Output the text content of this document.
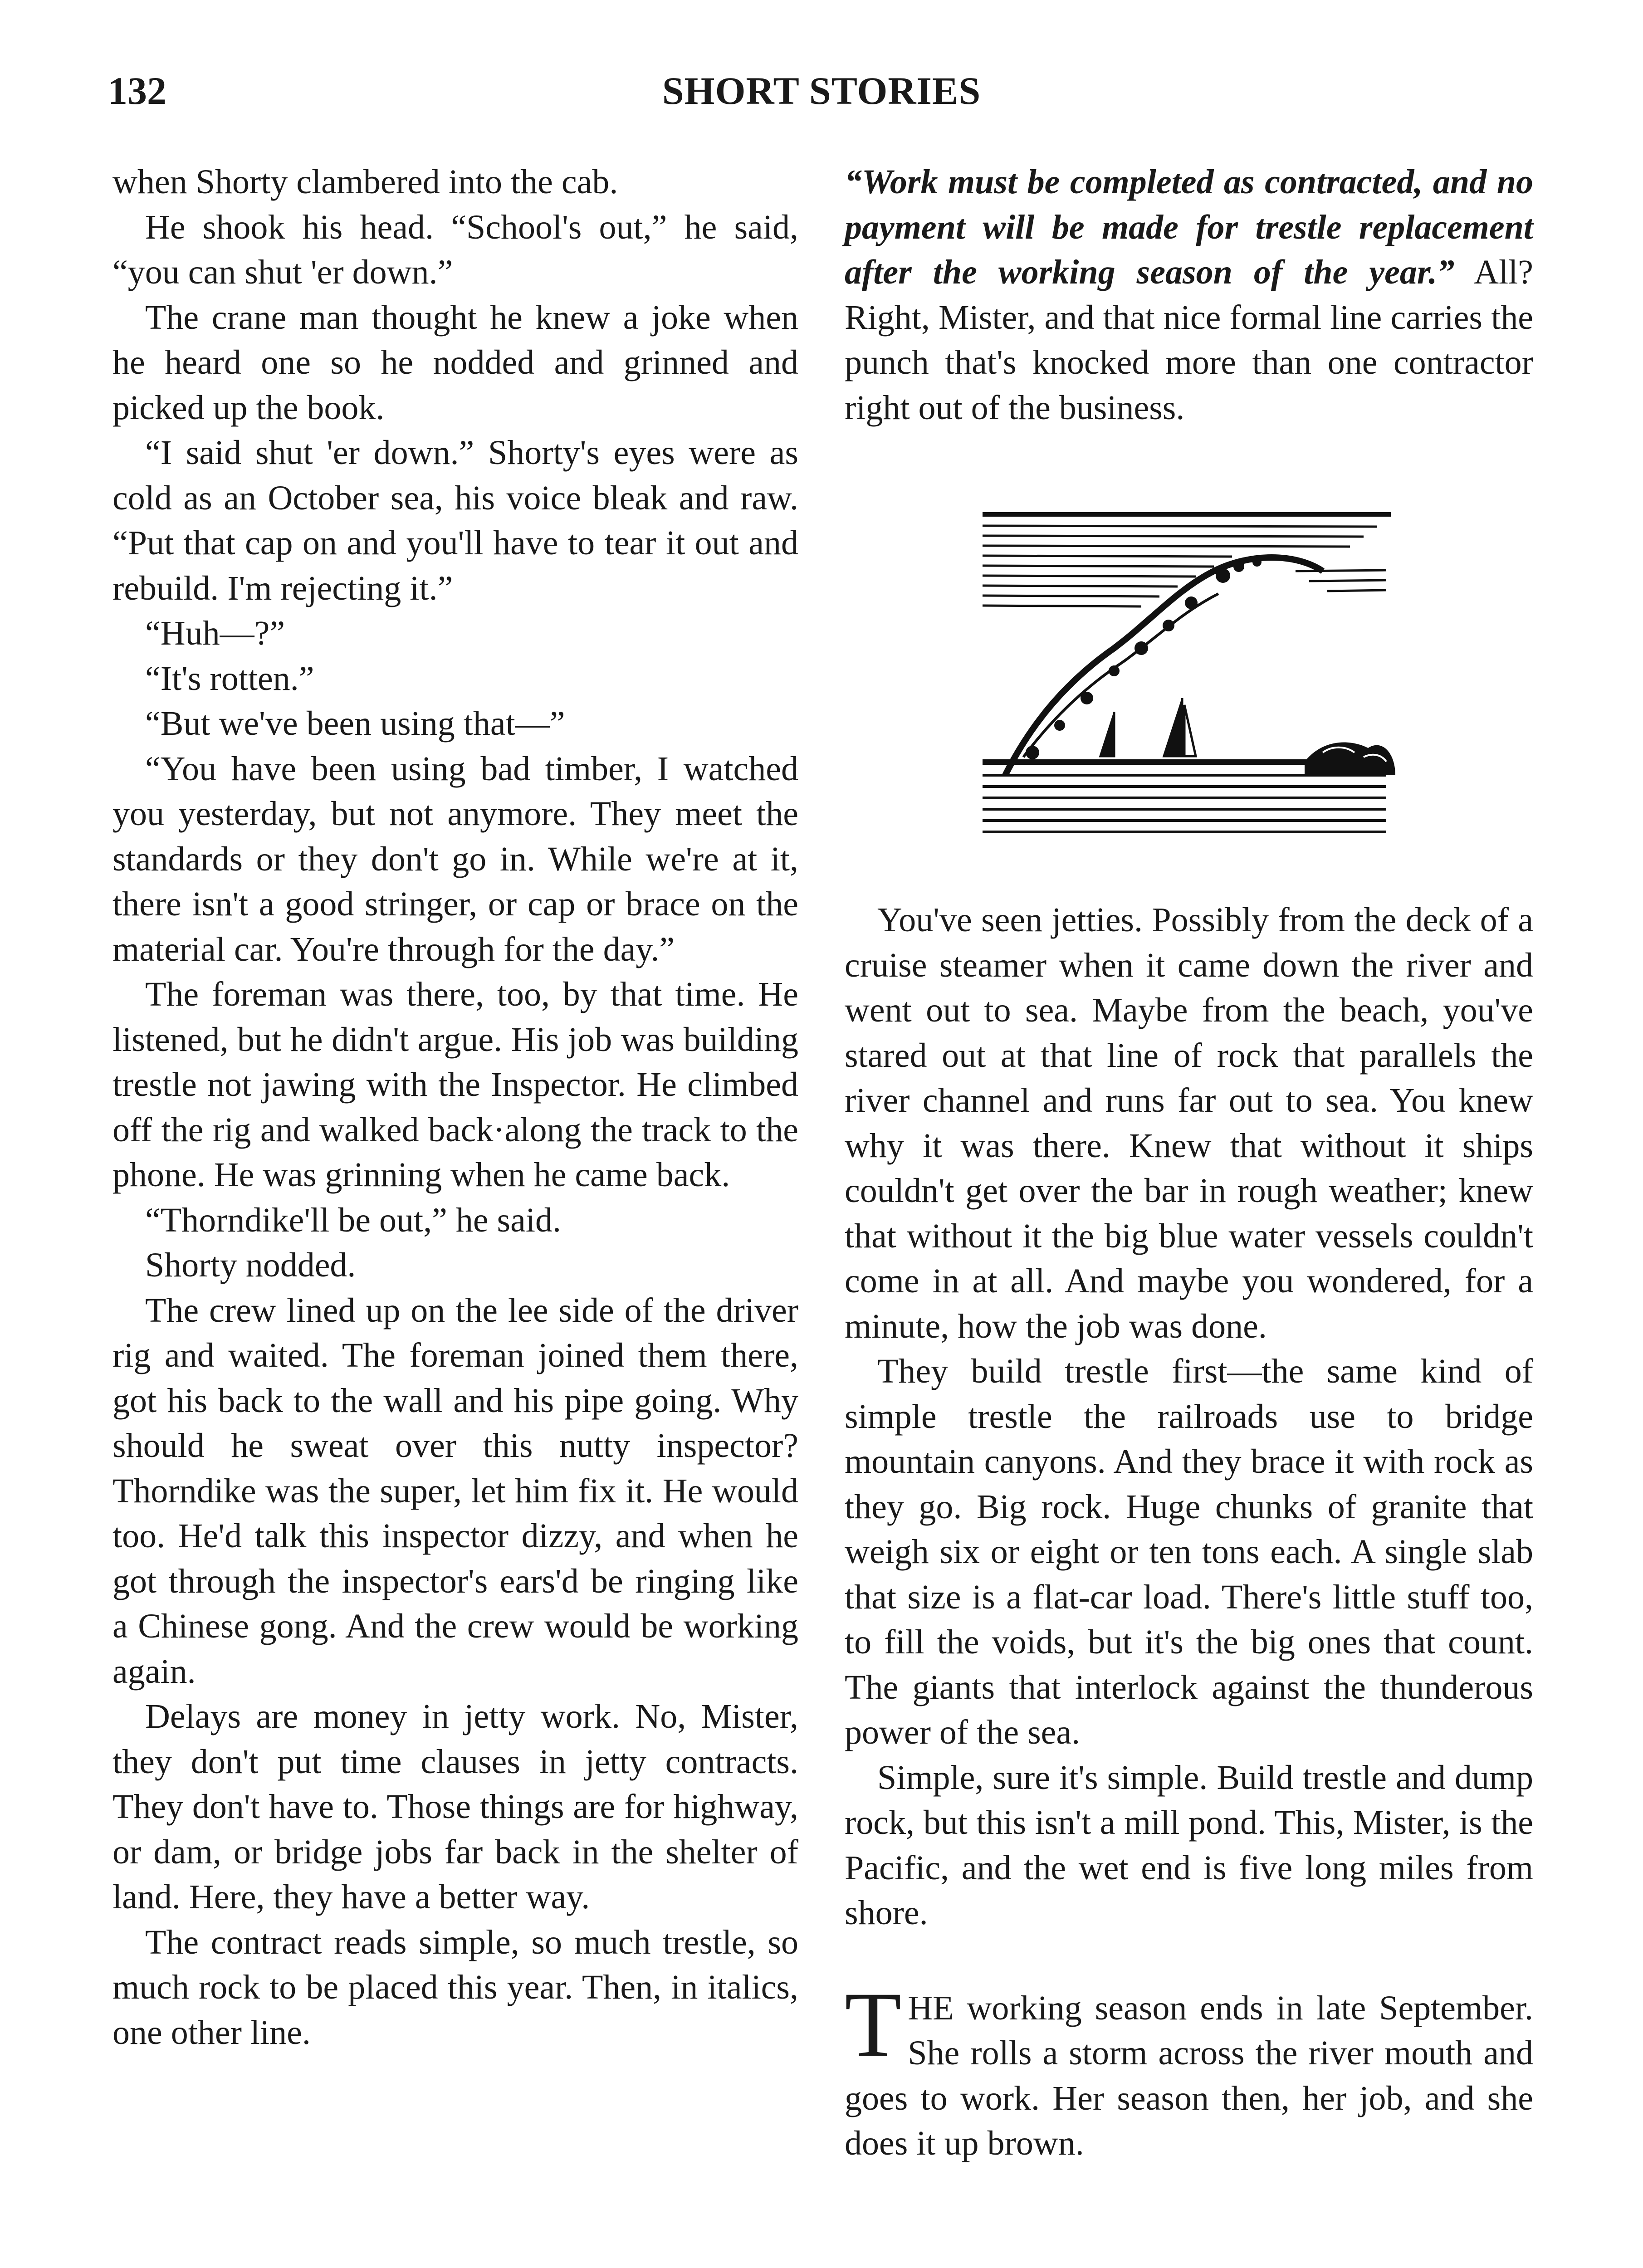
132	SHORT STORIES

when Shorty clambered into the cab.

He shook his head. “School's out,” he said, “you can shut 'er down.”

The crane man thought he knew a joke when he heard one so he nodded and grinned and picked up the book.

“I said shut 'er down.” Shorty's eyes were as cold as an October sea, his voice bleak and raw. “Put that cap on and you'll have to tear it out and rebuild. I'm rejecting it.”

“Huh—?”

“It's rotten.”

“But we've been using that—”

“You have been using bad timber, I watched you yesterday, but not anymore. They meet the standards or they don't go in. While we're at it, there isn't a good stringer, or cap or brace on the material car. You're through for the day.”

The foreman was there, too, by that time. He listened, but he didn't argue. His job was building trestle not jawing with the Inspector. He climbed off the rig and walked back·along the track to the phone. He was grinning when he came back.

“Thorndike'll be out,” he said.

Shorty nodded.

The crew lined up on the lee side of the driver rig and waited. The foreman joined them there, got his back to the wall and his pipe going. Why should he sweat over this nutty inspector? Thorndike was the super, let him fix it. He would too. He'd talk this inspector dizzy, and when he got through the inspector's ears'd be ringing like a Chinese gong. And the crew would be working again.

Delays are money in jetty work. No, Mister, they don't put time clauses in jetty contracts. They don't have to. Those things are for highway, or dam, or bridge jobs far back in the shelter of land. Here, they have a better way.

The contract reads simple, so much trestle, so much rock to be placed this year. Then, in italics, one other line.

“Work must be completed as contracted, and no payment will be made for trestle replacement after the working season of the year.” All? Right, Mister, and that nice formal line carries the punch that's knocked more than one contractor right out of the business.

You've seen jetties. Possibly from the deck of a cruise steamer when it came down the river and went out to sea. Maybe from the beach, you've stared out at that line of rock that parallels the river channel and runs far out to sea. You knew why it was there. Knew that without it ships couldn't get over the bar in rough weather; knew that without it the big blue water vessels couldn't come in at all. And maybe you wondered, for a minute, how the job was done.

They build trestle first—the same kind of simple trestle the railroads use to bridge mountain canyons. And they brace it with rock as they go. Big rock. Huge chunks of granite that weigh six or eight or ten tons each. A single slab that size is a flat-car load. There's little stuff too, to fill the voids, but it's the big ones that count. The giants that interlock against the thunderous power of the sea.

Simple, sure it's simple. Build trestle and dump rock, but this isn't a mill pond. This, Mister, is the Pacific, and the wet end is five long miles from shore.

THE working season ends in late September. She rolls a storm across the river mouth and goes to work. Her season then, her job, and she does it up brown.
